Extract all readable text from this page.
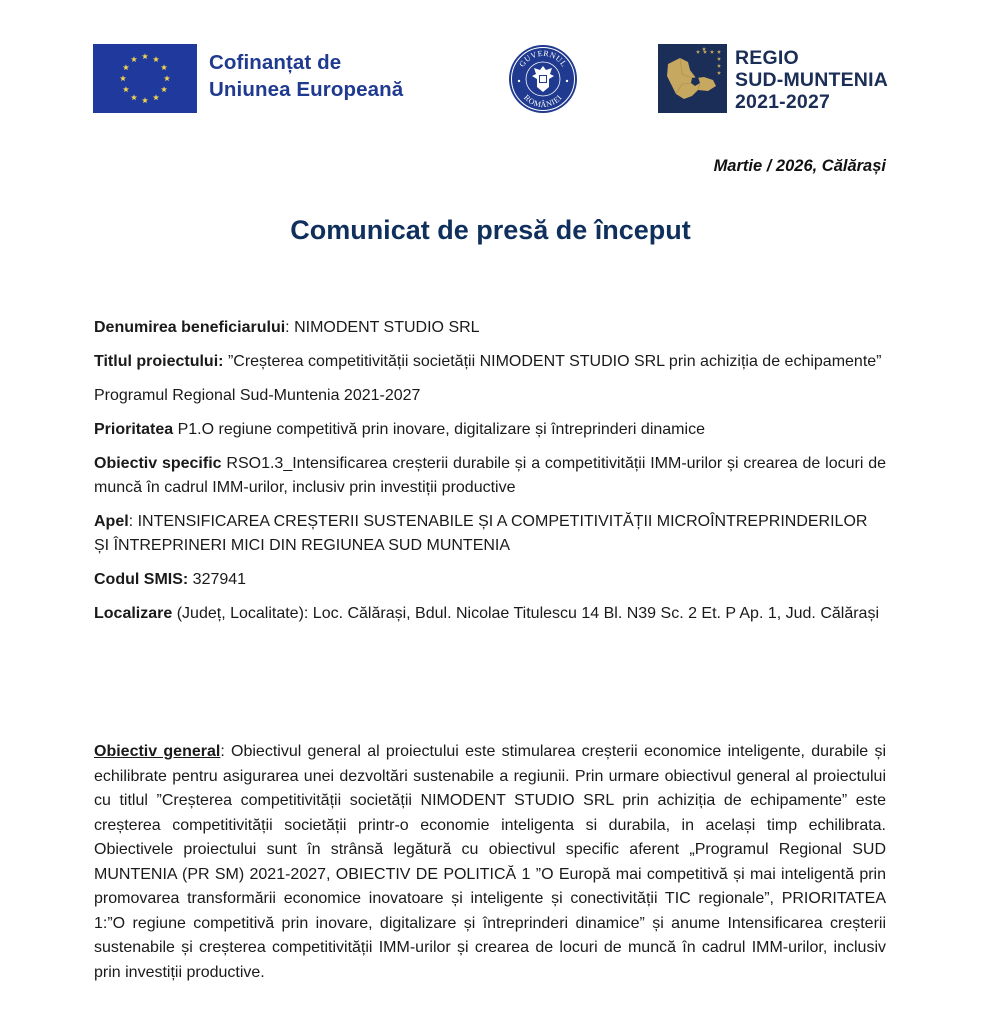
Cofinanțat de
Uniunea Europeană
GUVERNUL
ROMÂNIEI
REGIO
SUD-MUNTENIA
2021-2027
Martie / 2026, Călărași
Comunicat de presă de început

Denumirea beneficiarului: NIMODENT STUDIO SRL

Titlul proiectului: ”Creșterea competitivității societății NIMODENT STUDIO SRL prin achiziția de echipamente”

Programul Regional Sud-Muntenia 2021-2027

Prioritatea P1.O regiune competitivă prin inovare, digitalizare și întreprinderi dinamice

Obiectiv specific RSO1.3_Intensificarea creșterii durabile și a competitivității IMM-urilor și crearea de locuri de muncă în cadrul IMM-urilor, inclusiv prin investiții productive

Apel: INTENSIFICAREA CREȘTERII SUSTENABILE ȘI A COMPETITIVITĂȚII MICROÎNTREPRINDERILOR ȘI ÎNTREPRINERI MICI DIN REGIUNEA SUD MUNTENIA

Codul SMIS: 327941

Localizare (Județ, Localitate): Loc. Călărași, Bdul. Nicolae Titulescu 14 Bl. N39 Sc. 2 Et. P Ap. 1, Jud. Călărași

Obiectiv general: Obiectivul general al proiectului este stimularea creșterii economice inteligente, durabile și echilibrate pentru asigurarea unei dezvoltări sustenabile a regiunii. Prin urmare obiectivul general al proiectului cu titlul ”Creșterea competitivității societății NIMODENT STUDIO SRL prin achiziția de echipamente” este creșterea competitivității societății printr-o economie inteligenta si durabila, in același timp echilibrata. Obiectivele proiectului sunt în strânsă legătură cu obiectivul specific aferent „Programul Regional SUD MUNTENIA (PR SM) 2021-2027, OBIECTIV DE POLITICĂ 1 ”O Europă mai competitivă și mai inteligentă prin promovarea transformării economice inovatoare și inteligente și conectivității TIC regionale”, PRIORITATEA 1:”O regiune competitivă prin inovare, digitalizare și întreprinderi dinamice” și anume Intensificarea creșterii sustenabile și creșterea competitivității IMM-urilor și crearea de locuri de muncă în cadrul IMM-urilor, inclusiv prin investiții productive.
